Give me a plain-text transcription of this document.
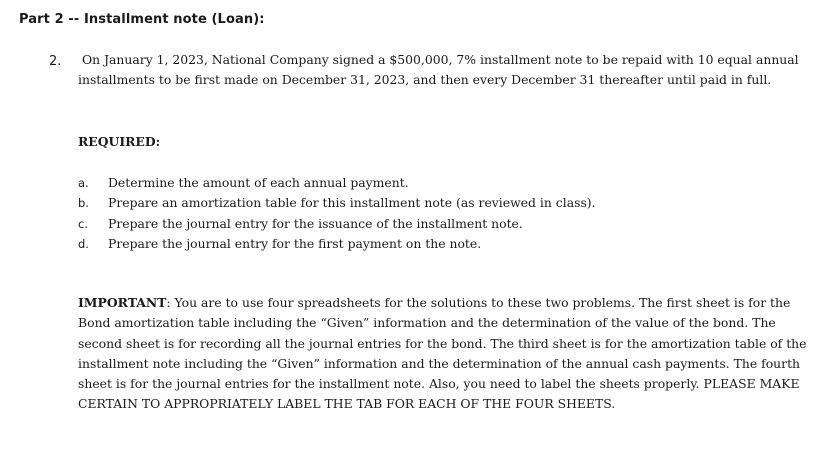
Part 2 -- Installment note (Loan):
2.	On January 1, 2023, National Company signed a $500,000, 7% installment note to be repaid with 10 equal annual installments to be first made on December 31, 2023, and then every December 31 thereafter until paid in full.
REQUIRED:
a. Determine the amount of each annual payment.
b. Prepare an amortization table for this installment note (as reviewed in class).
c. Prepare the journal entry for the issuance of the installment note.
d. Prepare the journal entry for the first payment on the note.
IMPORTANT: You are to use four spreadsheets for the solutions to these two problems. The first sheet is for the Bond amortization table including the “Given” information and the determination of the value of the bond. The second sheet is for recording all the journal entries for the bond. The third sheet is for the amortization table of the installment note including the “Given” information and the determination of the annual cash payments. The fourth sheet is for the journal entries for the installment note. Also, you need to label the sheets properly. PLEASE MAKE CERTAIN TO APPROPRIATELY LABEL THE TAB FOR EACH OF THE FOUR SHEETS.
